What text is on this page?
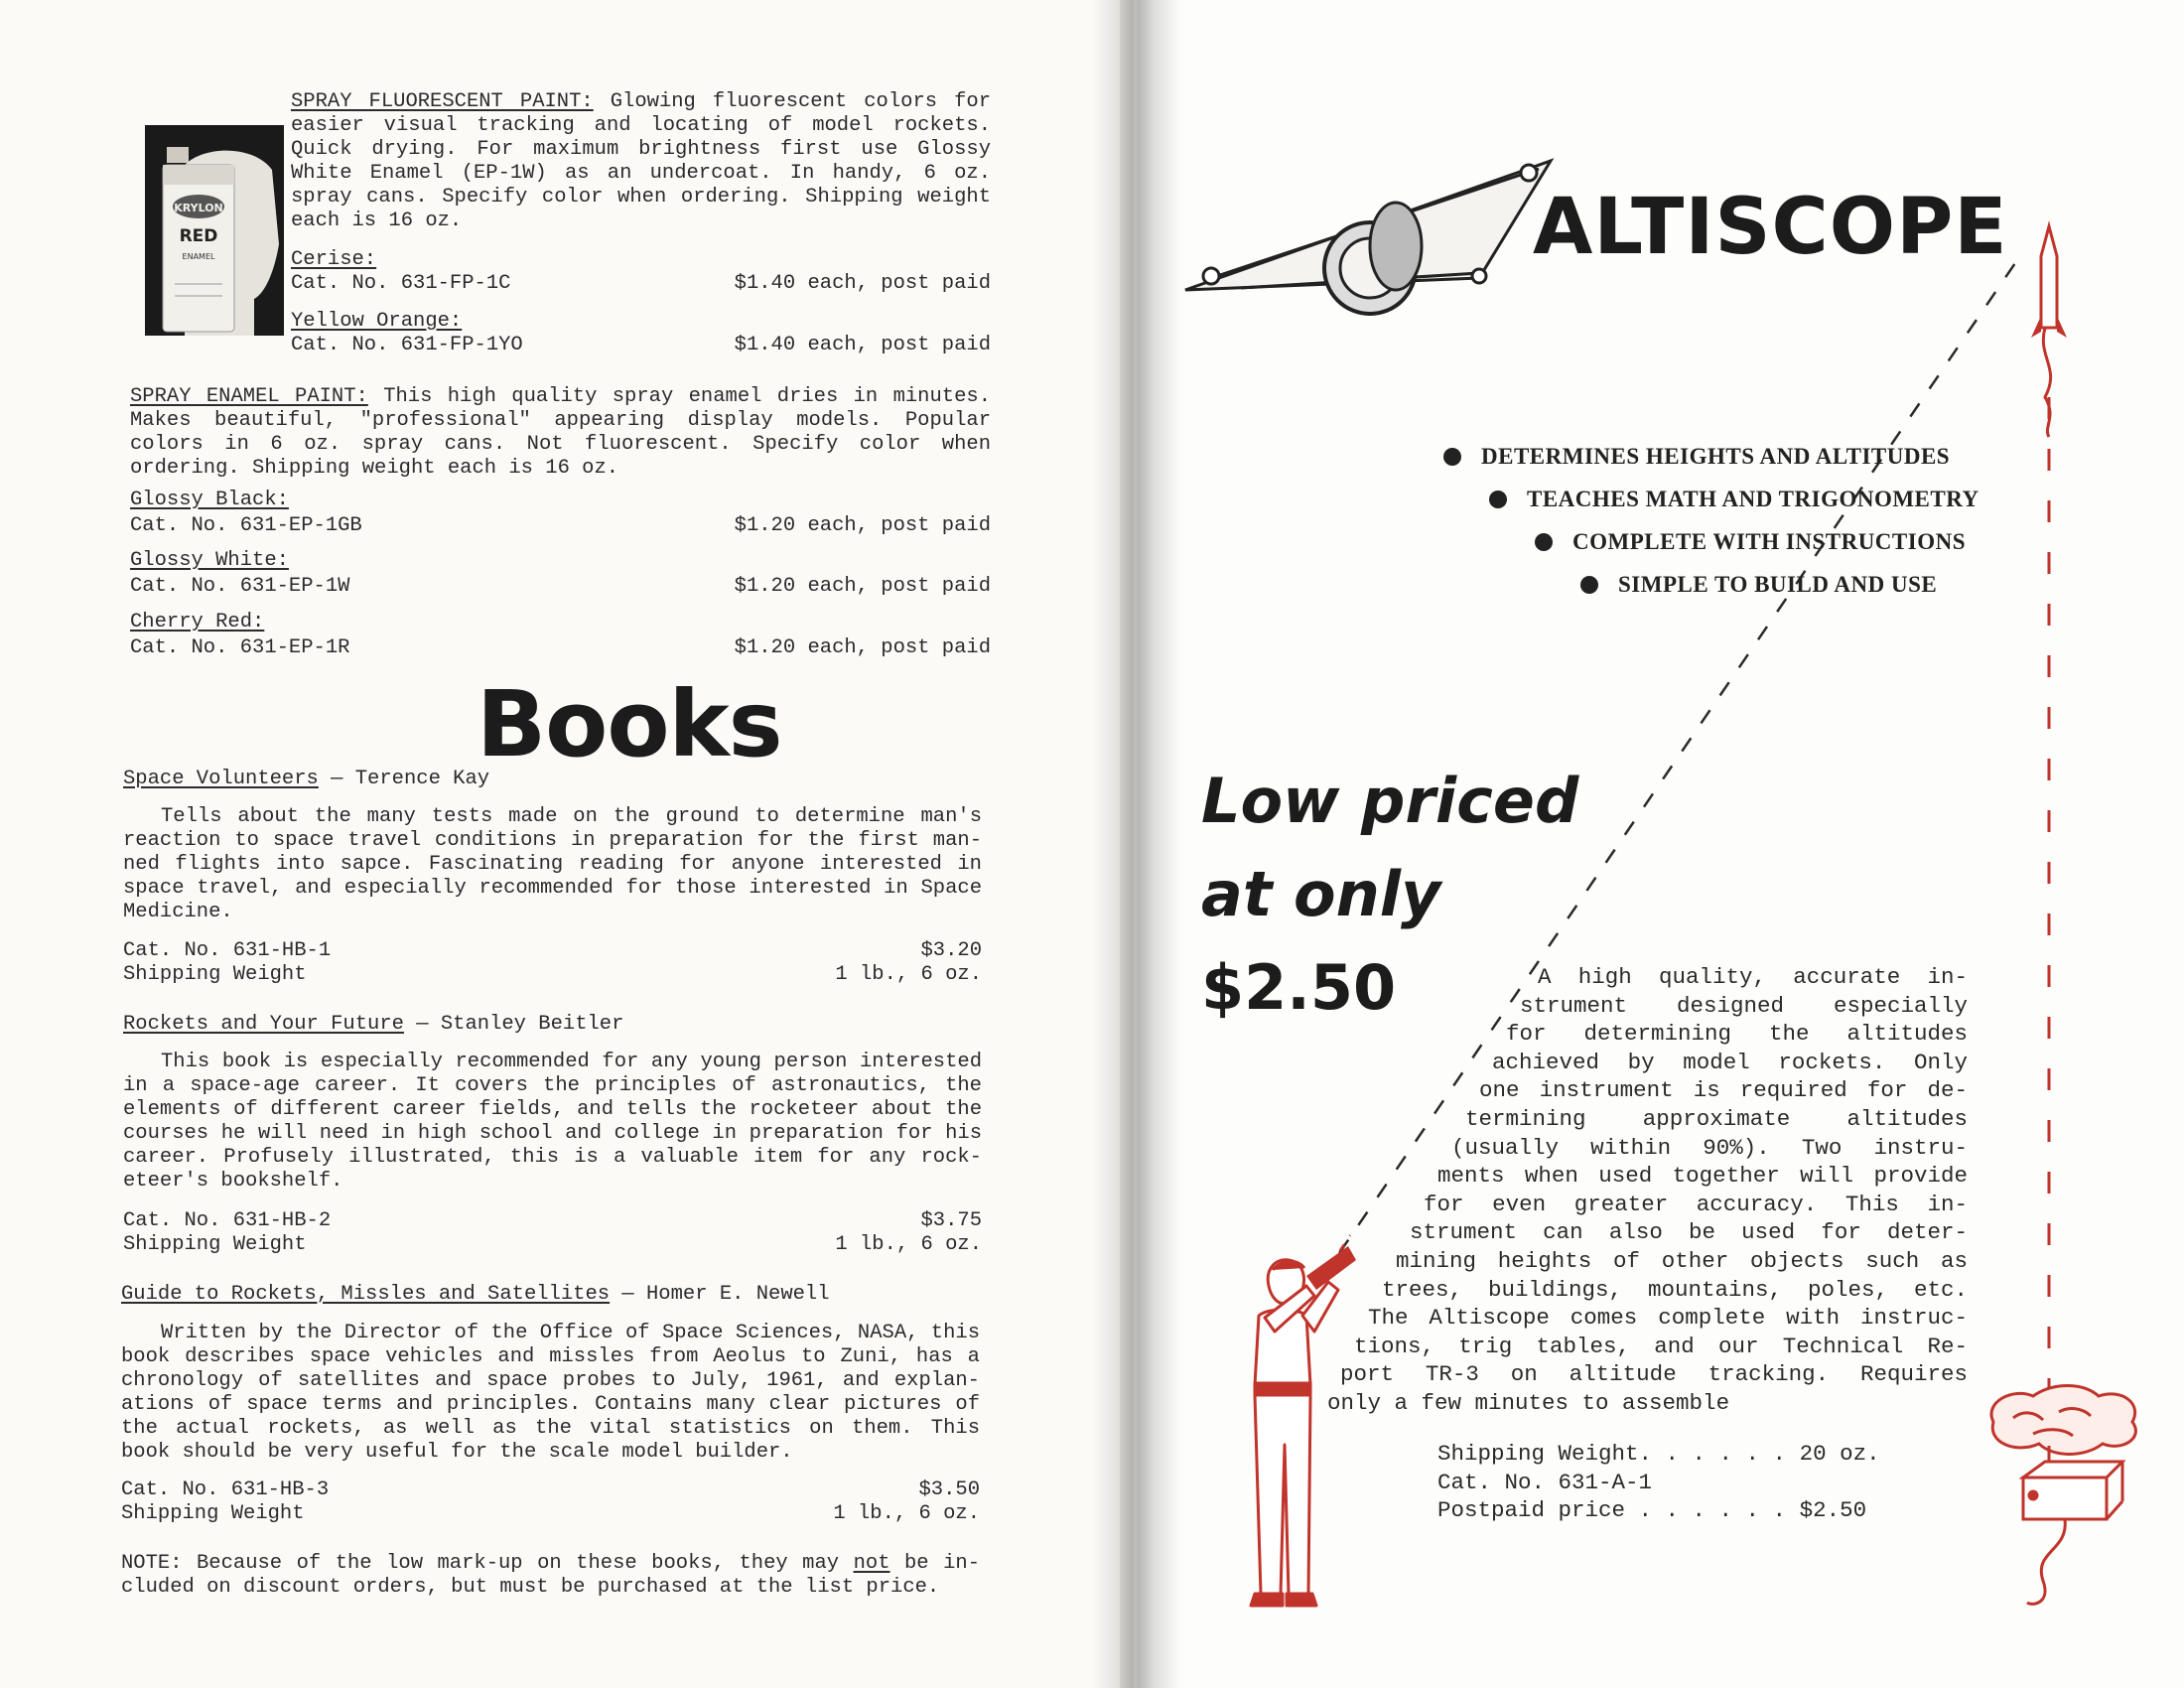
KRYLON
RED
ENAMEL
SPRAY FLUORESCENT PAINT: Glowing fluorescent colors for
easier visual tracking and locating of model rockets.
Quick drying. For maximum brightness first use Glossy
White Enamel (EP-1W) as an undercoat. In handy, 6 oz.
spray cans. Specify color when ordering. Shipping weight
each is 16 oz.
Cerise:
Cat. No. 631-FP-1C	$1.40 each, post paid
Yellow Orange:
Cat. No. 631-FP-1YO	$1.40 each, post paid
SPRAY ENAMEL PAINT: This high quality spray enamel dries in minutes.
Makes beautiful, "professional" appearing display models. Popular
colors in 6 oz. spray cans. Not fluorescent. Specify color when
ordering. Shipping weight each is 16 oz.
Glossy Black:
Cat. No. 631-EP-1GB	$1.20 each, post paid
Glossy White:
Cat. No. 631-EP-1W	$1.20 each, post paid
Cherry Red:
Cat. No. 631-EP-1R	$1.20 each, post paid
Books
Space Volunteers — Terence Kay
Tells about the many tests made on the ground to determine man's
reaction to space travel conditions in preparation for the first man-
ned flights into sapce. Fascinating reading for anyone interested in
space travel, and especially recommended for those interested in Space
Medicine.
Cat. No. 631-HB-1	$3.20
Shipping Weight	1 lb., 6 oz.
Rockets and Your Future — Stanley Beitler
This book is especially recommended for any young person interested
in a space-age career. It covers the principles of astronautics, the
elements of different career fields, and tells the rocketeer about the
courses he will need in high school and college in preparation for his
career. Profusely illustrated, this is a valuable item for any rock-
eteer's bookshelf.
Cat. No. 631-HB-2	$3.75
Shipping Weight	1 lb., 6 oz.
Guide to Rockets, Missles and Satellites — Homer E. Newell
Written by the Director of the Office of Space Sciences, NASA, this
book describes space vehicles and missles from Aeolus to Zuni, has a
chronology of satellites and space probes to July, 1961, and explan-
ations of space terms and principles. Contains many clear pictures of
the actual rockets, as well as the vital statistics on them. This
book should be very useful for the scale model builder.
Cat. No. 631-HB-3	$3.50
Shipping Weight	1 lb., 6 oz.
NOTE: Because of the low mark-up on these books, they may not be in-
cluded on discount orders, but must be purchased at the list price.
ALTISCOPE
DETERMINES HEIGHTS AND ALTITUDES
TEACHES MATH AND TRIGONOMETRY
COMPLETE WITH INSTRUCTIONS
SIMPLE TO BUILD AND USE
Low priced
at only
$2.50	A high quality, accurate in-
strument designed especially
for determining the altitudes
achieved by model rockets. Only
one instrument is required for de-
termining approximate altitudes
(usually within 90%). Two instru-
ments when used together will provide
for even greater accuracy. This in-
strument can also be used for deter-
mining heights of other objects such as
trees, buildings, mountains, poles, etc.
The Altiscope comes complete with instruc-
tions, trig tables, and our Technical Re-
port TR-3 on altitude tracking. Requires
only a few minutes to assemble
Shipping Weight. . . . . . 20 oz.
Cat. No. 631-A-1
Postpaid price . . . . . . $2.50
